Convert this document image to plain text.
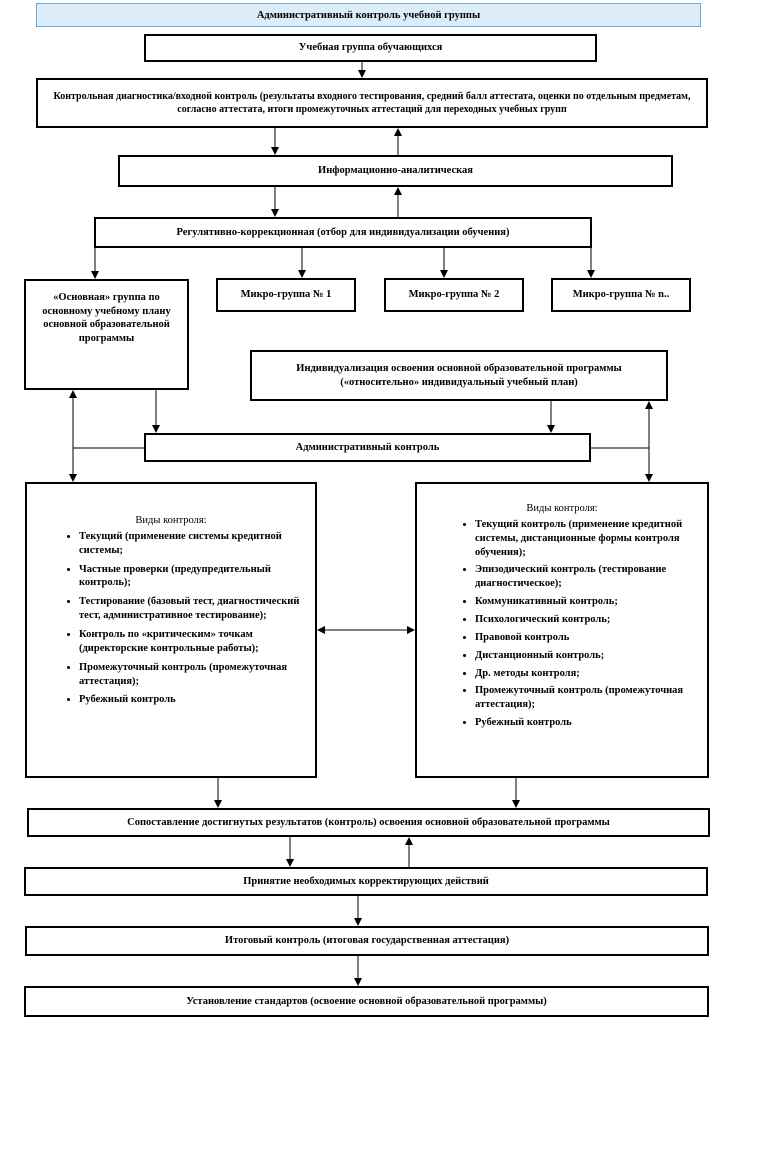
Административный контроль учебной группы
Учебная группа обучающихся
Контрольная диагностика/входной контроль (результаты входного тестирования, средний балл аттестата, оценки по отдельным предметам, согласно аттестата, итоги промежуточных аттестаций для переходных учебных групп
Информационно-аналитическая
Регулятивно-коррекционная (отбор для индивидуализации обучения)
«Основная» группа по основному учебному плану основной образовательной программы
Микро-группа № 1	Микро-группа № 2	Микро-группа № n..
Индивидуализация освоения основной образовательной программы («относительно» индивидуальный учебный план)
Административный контроль
Виды контроля:
• Текущий (применение системы кредитной системы;
• Частные проверки (предупредительный контроль);
• Тестирование (базовый тест, диагностический тест, административное тестирование);
• Контроль по «критическим» точкам (директорские контрольные работы);
• Промежуточный контроль (промежуточная аттестация);
• Рубежный контроль
Виды контроля:
• Текущий контроль (применение кредитной системы, дистанционные формы контроля обучения);
• Эпизодический контроль (тестирование диагностическое);
• Коммуникативный контроль;
• Психологический контроль;
• Правовой контроль
• Дистанционный контроль;
• Др. методы контроля;
• Промежуточный контроль (промежуточная аттестация);
• Рубежный контроль
Сопоставление достигнутых результатов (контроль) освоения основной образовательной программы
Принятие необходимых корректирующих действий
Итоговый контроль (итоговая государственная аттестация)
Установление стандартов (освоение основной образовательной программы)
